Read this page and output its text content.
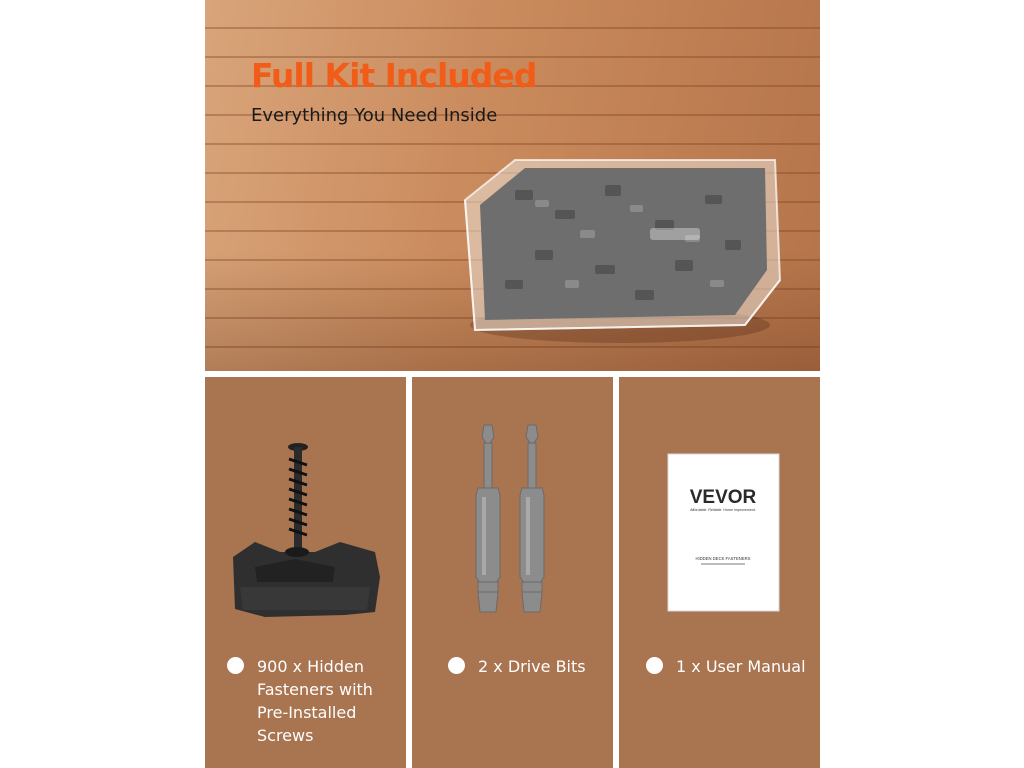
Full Kit Included

Everything You Need Inside

900 x Hidden Fasteners with Pre-Installed Screws
2 x Drive Bits
VEVOR
Affordable. Reliable. Home Improvement.
HIDDEN DECK FASTENERS
1 x User Manual
